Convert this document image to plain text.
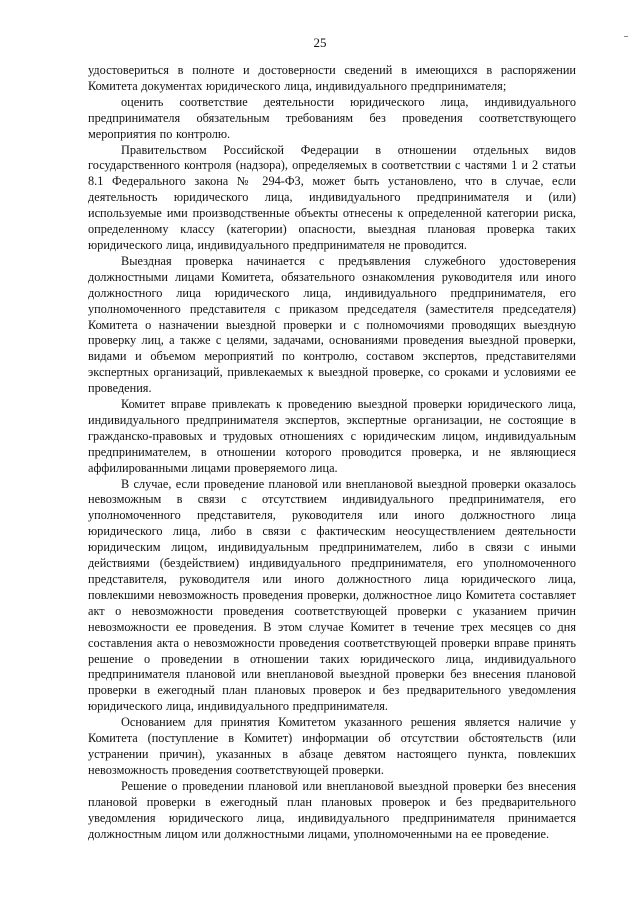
25

удостовериться в полноте и достоверности сведений в имеющихся в распоряжении Комитета документах юридического лица, индивидуального предпринимателя;

оценить соответствие деятельности юридического лица, индивидуального предпринимателя обязательным требованиям без проведения соответствующего мероприятия по контролю.

Правительством Российской Федерации в отношении отдельных видов государственного контроля (надзора), определяемых в соответствии с частями 1 и 2 статьи 8.1 Федерального закона № 294-ФЗ, может быть установлено, что в случае, если деятельность юридического лица, индивидуального предпринимателя и (или) используемые ими производственные объекты отнесены к определенной категории риска, определенному классу (категории) опасности, выездная плановая проверка таких юридического лица, индивидуального предпринимателя не проводится.

Выездная проверка начинается с предъявления служебного удостоверения должностными лицами Комитета, обязательного ознакомления руководителя или иного должностного лица юридического лица, индивидуального предпринимателя, его уполномоченного представителя с приказом председателя (заместителя председателя) Комитета о назначении выездной проверки и с полномочиями проводящих выездную проверку лиц, а также с целями, задачами, основаниями проведения выездной проверки, видами и объемом мероприятий по контролю, составом экспертов, представителями экспертных организаций, привлекаемых к выездной проверке, со сроками и условиями ее проведения.

Комитет вправе привлекать к проведению выездной проверки юридического лица, индивидуального предпринимателя экспертов, экспертные организации, не состоящие в гражданско-правовых и трудовых отношениях с юридическим лицом, индивидуальным предпринимателем, в отношении которого проводится проверка, и не являющиеся аффилированными лицами проверяемого лица.

В случае, если проведение плановой или внеплановой выездной проверки оказалось невозможным в связи с отсутствием индивидуального предпринимателя, его уполномоченного представителя, руководителя или иного должностного лица юридического лица, либо в связи с фактическим неосуществлением деятельности юридическим лицом, индивидуальным предпринимателем, либо в связи с иными действиями (бездействием) индивидуального предпринимателя, его уполномоченного представителя, руководителя или иного должностного лица юридического лица, повлекшими невозможность проведения проверки, должностное лицо Комитета составляет акт о невозможности проведения соответствующей проверки с указанием причин невозможности ее проведения. В этом случае Комитет в течение трех месяцев со дня составления акта о невозможности проведения соответствующей проверки вправе принять решение о проведении в отношении таких юридического лица, индивидуального предпринимателя плановой или внеплановой выездной проверки без внесения плановой проверки в ежегодный план плановых проверок и без предварительного уведомления юридического лица, индивидуального предпринимателя.

Основанием для принятия Комитетом указанного решения является наличие у Комитета (поступление в Комитет) информации об отсутствии обстоятельств (или устранении причин), указанных в абзаце девятом настоящего пункта, повлекших невозможность проведения соответствующей проверки.

Решение о проведении плановой или внеплановой выездной проверки без внесения плановой проверки в ежегодный план плановых проверок и без предварительного уведомления юридического лица, индивидуального предпринимателя принимается должностным лицом или должностными лицами, уполномоченными на ее проведение.
